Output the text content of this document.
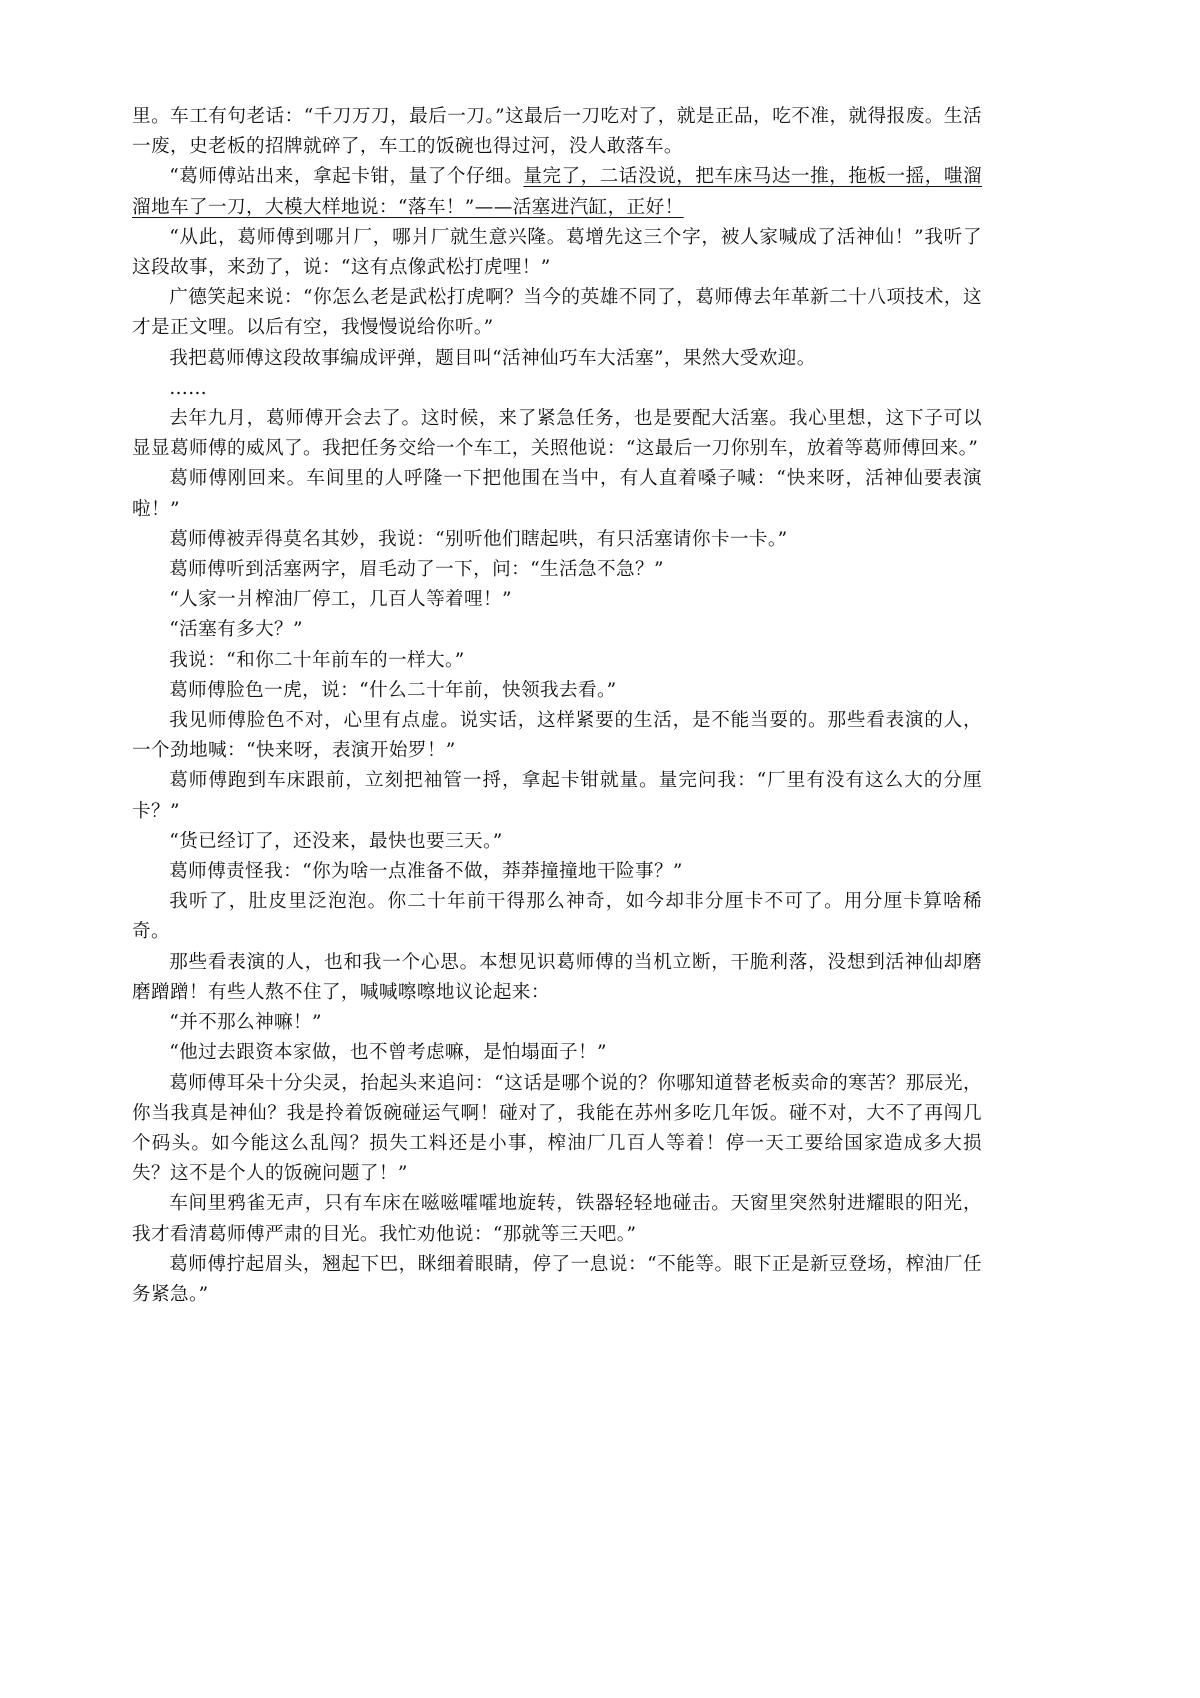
里。车工有句老话：“千刀万刀，最后一刀。”这最后一刀吃对了，就是正品，吃不准，就得报废。生活一废，史老板的招牌就碎了，车工的饭碗也得过河，没人敢落车。

“葛师傅站出来，拿起卡钳，量了个仔细。量完了，二话没说，把车床马达一推，拖板一摇，嗤溜溜地车了一刀，大模大样地说：“落车！”——活塞进汽缸，正好！

“从此，葛师傅到哪爿厂，哪爿厂就生意兴隆。葛增先这三个字，被人家喊成了活神仙！”我听了这段故事，来劲了，说：“这有点像武松打虎哩！”

广德笑起来说：“你怎么老是武松打虎啊？当今的英雄不同了，葛师傅去年革新二十八项技术，这才是正文哩。以后有空，我慢慢说给你听。”

我把葛师傅这段故事编成评弹，题目叫“活神仙巧车大活塞”，果然大受欢迎。

……

去年九月，葛师傅开会去了。这时候，来了紧急任务，也是要配大活塞。我心里想，这下子可以显显葛师傅的威风了。我把任务交给一个车工，关照他说：“这最后一刀你别车，放着等葛师傅回来。”

葛师傅刚回来。车间里的人呼隆一下把他围在当中，有人直着嗓子喊：“快来呀，活神仙要表演啦！”

葛师傅被弄得莫名其妙，我说：“别听他们瞎起哄，有只活塞请你卡一卡。”

葛师傅听到活塞两字，眉毛动了一下，问：“生活急不急？”

“人家一爿榨油厂停工，几百人等着哩！”

“活塞有多大？”

我说：“和你二十年前车的一样大。”

葛师傅脸色一虎，说：“什么二十年前，快领我去看。”

我见师傅脸色不对，心里有点虚。说实话，这样紧要的生活，是不能当耍的。那些看表演的人，一个劲地喊：“快来呀，表演开始罗！”

葛师傅跑到车床跟前，立刻把袖管一捋，拿起卡钳就量。量完问我：“厂里有没有这么大的分厘卡？”

“货已经订了，还没来，最快也要三天。”

葛师傅责怪我：“你为啥一点准备不做，莽莽撞撞地干险事？”

我听了，肚皮里泛泡泡。你二十年前干得那么神奇，如今却非分厘卡不可了。用分厘卡算啥稀奇。

那些看表演的人，也和我一个心思。本想见识葛师傅的当机立断，干脆利落，没想到活神仙却磨磨蹭蹭！有些人熬不住了，喊喊嚓嚓地议论起来：

“并不那么神嘛！”

“他过去跟资本家做，也不曾考虑嘛，是怕塌面子！”

葛师傅耳朵十分尖灵，抬起头来追问：“这话是哪个说的？你哪知道替老板卖命的寒苦？那辰光，你当我真是神仙？我是拎着饭碗碰运气啊！碰对了，我能在苏州多吃几年饭。碰不对，大不了再闯几个码头。如今能这么乱闯？损失工料还是小事，榨油厂几百人等着！停一天工要给国家造成多大损失？这不是个人的饭碗问题了！”

车间里鸦雀无声，只有车床在嗞嗞嚯嚯地旋转，铁器轻轻地碰击。天窗里突然射进耀眼的阳光，我才看清葛师傅严肃的目光。我忙劝他说：“那就等三天吧。”

葛师傅拧起眉头，翘起下巴，眯细着眼睛，停了一息说：“不能等。眼下正是新豆登场，榨油厂任务紧急。”
